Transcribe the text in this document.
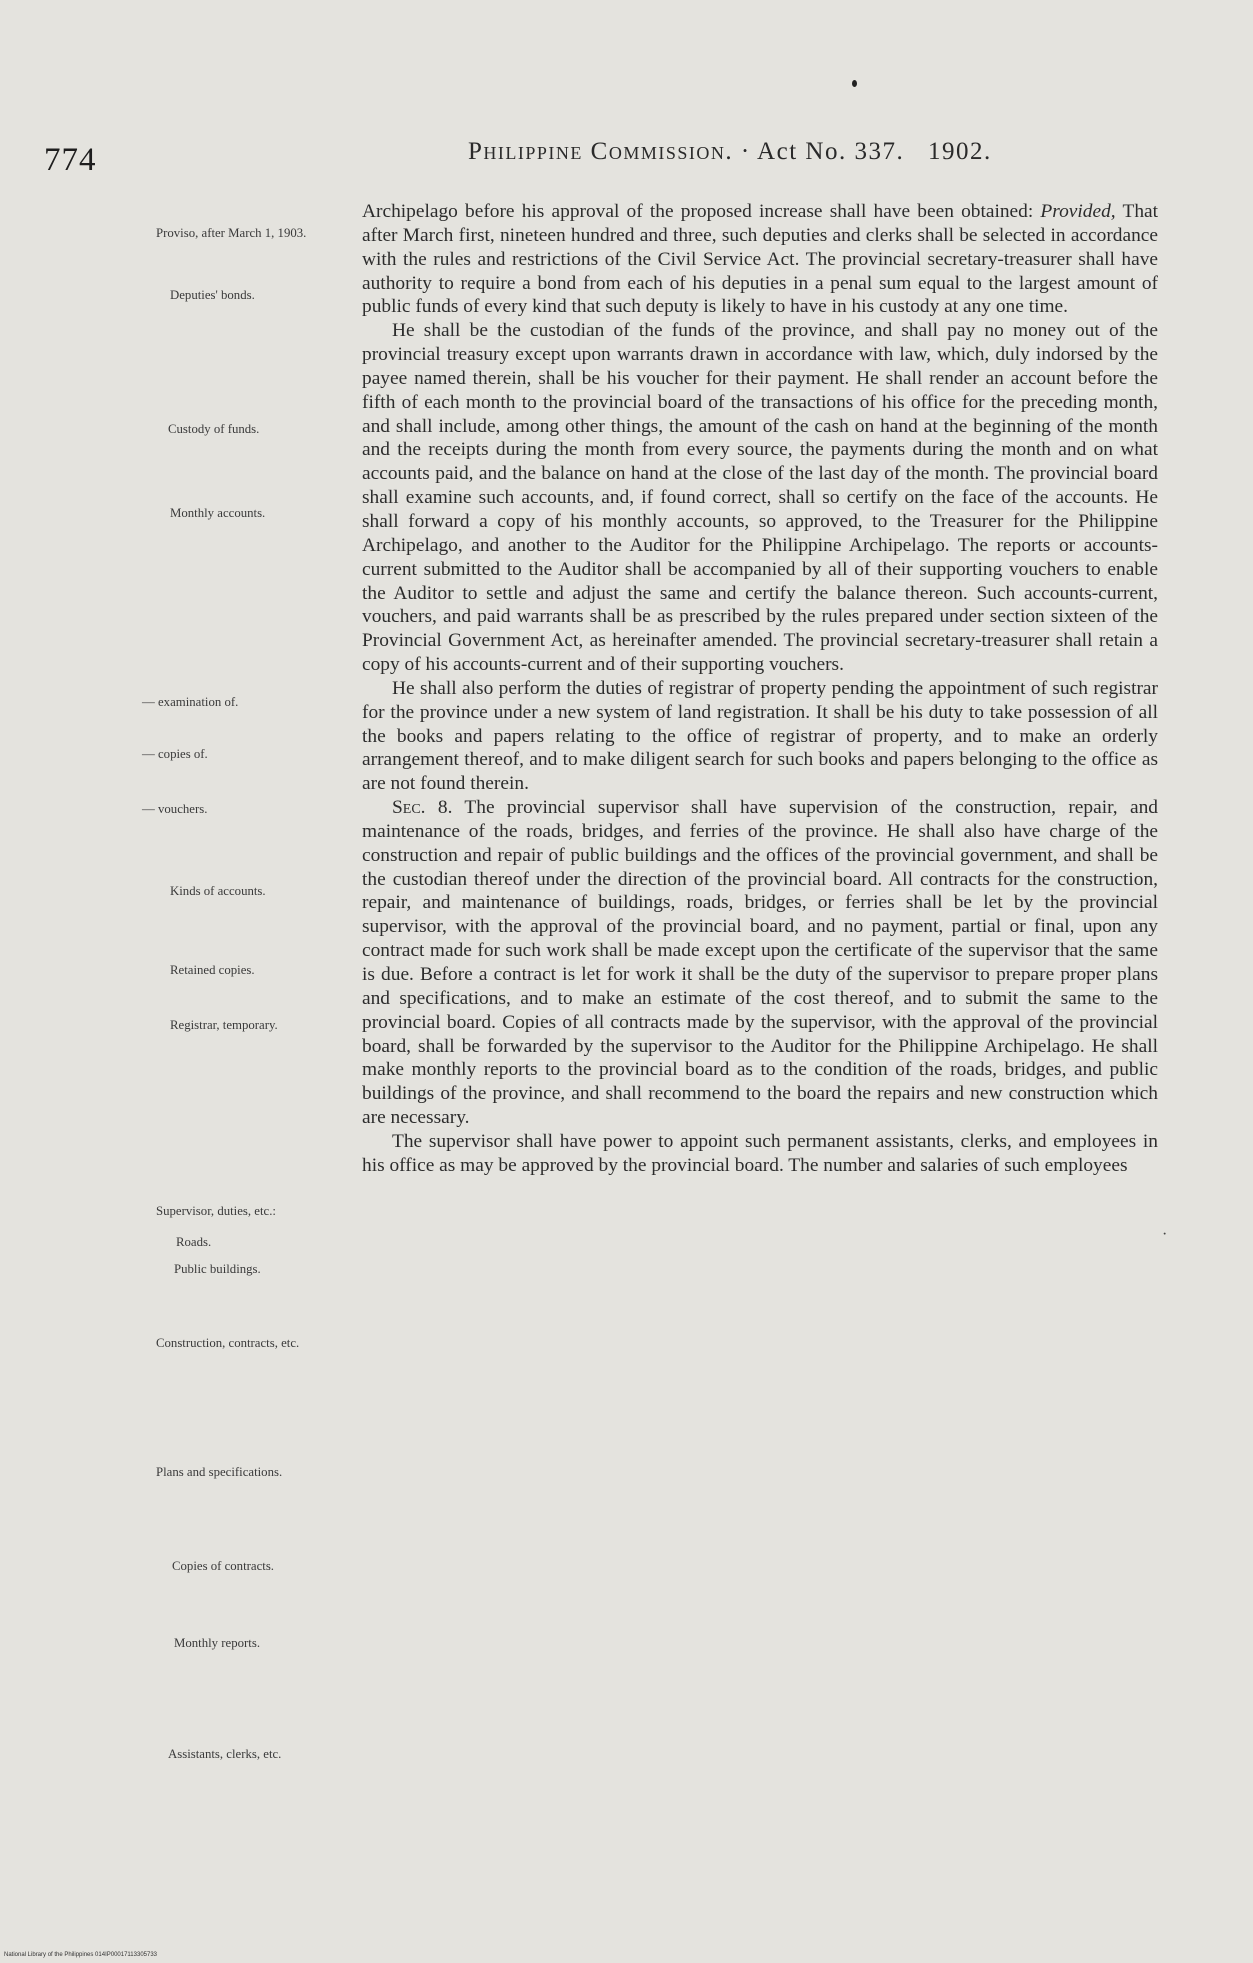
774	Philippine Commission. · Act No. 337. 1902.
Proviso, after March 1, 1903.
Deputies' bonds.
Custody of funds.
Monthly accounts.
— examination of.
— copies of.
— vouchers.
Kinds of accounts.
Retained copies.
Registrar, temporary.
Supervisor, duties, etc.:
Roads.
Public buildings.
Construction, contracts, etc.
Plans and specifications.
Copies of contracts.
Monthly reports.
Assistants, clerks, etc.

Archipelago before his approval of the proposed increase shall have been obtained: Provided, That after March first, nineteen hundred and three, such deputies and clerks shall be selected in accordance with the rules and restrictions of the Civil Service Act. The provincial secretary-treasurer shall have authority to require a bond from each of his deputies in a penal sum equal to the largest amount of public funds of every kind that such deputy is likely to have in his custody at any one time.

He shall be the custodian of the funds of the province, and shall pay no money out of the provincial treasury except upon warrants drawn in accordance with law, which, duly indorsed by the payee named therein, shall be his voucher for their payment. He shall render an account before the fifth of each month to the provincial board of the transactions of his office for the preceding month, and shall include, among other things, the amount of the cash on hand at the beginning of the month and the receipts during the month from every source, the payments during the month and on what accounts paid, and the balance on hand at the close of the last day of the month. The provincial board shall examine such accounts, and, if found correct, shall so certify on the face of the accounts. He shall forward a copy of his monthly accounts, so approved, to the Treasurer for the Philippine Archipelago, and another to the Auditor for the Philippine Archipelago. The reports or accounts-current submitted to the Auditor shall be accompanied by all of their supporting vouchers to enable the Auditor to settle and adjust the same and certify the balance thereon. Such accounts-current, vouchers, and paid warrants shall be as prescribed by the rules prepared under section sixteen of the Provincial Government Act, as hereinafter amended. The provincial secretary-treasurer shall retain a copy of his accounts-current and of their supporting vouchers.

He shall also perform the duties of registrar of property pending the appointment of such registrar for the province under a new system of land registration. It shall be his duty to take possession of all the books and papers relating to the office of registrar of property, and to make an orderly arrangement thereof, and to make diligent search for such books and papers belonging to the office as are not found therein.

Sec. 8. The provincial supervisor shall have supervision of the construction, repair, and maintenance of the roads, bridges, and ferries of the province. He shall also have charge of the construction and repair of public buildings and the offices of the provincial government, and shall be the custodian thereof under the direction of the provincial board. All contracts for the construction, repair, and maintenance of buildings, roads, bridges, or ferries shall be let by the provincial supervisor, with the approval of the provincial board, and no payment, partial or final, upon any contract made for such work shall be made except upon the certificate of the supervisor that the same is due. Before a contract is let for work it shall be the duty of the supervisor to prepare proper plans and specifications, and to make an estimate of the cost thereof, and to submit the same to the provincial board. Copies of all contracts made by the supervisor, with the approval of the provincial board, shall be forwarded by the supervisor to the Auditor for the Philippine Archipelago. He shall make monthly reports to the provincial board as to the condition of the roads, bridges, and public buildings of the province, and shall recommend to the board the repairs and new construction which are necessary.

The supervisor shall have power to appoint such permanent assistants, clerks, and employees in his office as may be approved by the provincial board. The number and salaries of such employees

·
National Library of the Philippines 014IP00017113305733
